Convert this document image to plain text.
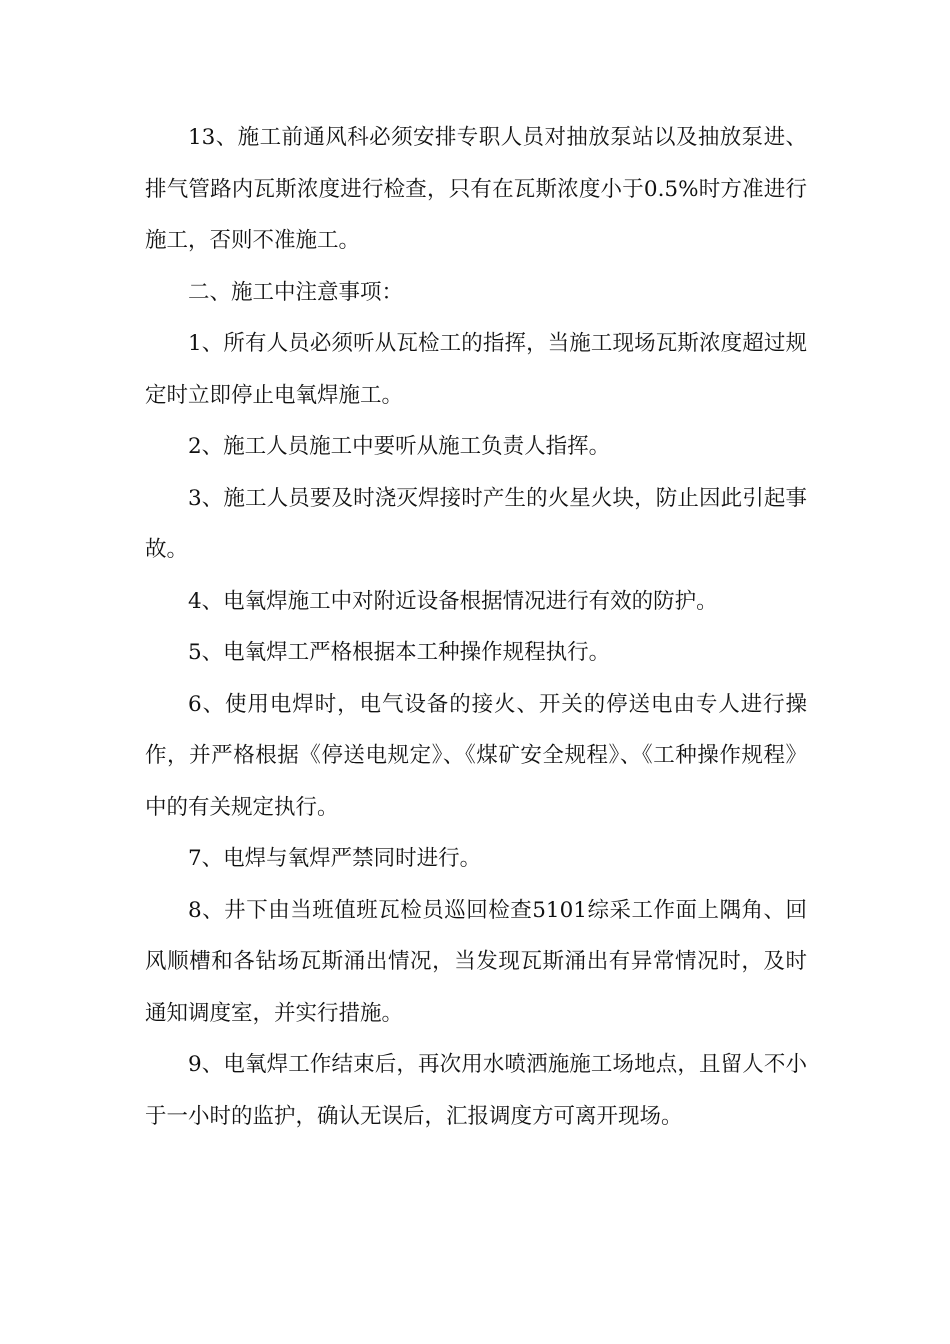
13、施工前通风科必须安排专职人员对抽放泵站以及抽放泵进、排气管路内瓦斯浓度进行检查，只有在瓦斯浓度小于0.5%时方准进行施工，否则不准施工。

二、施工中注意事项：

1、所有人员必须听从瓦检工的指挥，当施工现场瓦斯浓度超过规定时立即停止电氧焊施工。

2、施工人员施工中要听从施工负责人指挥。

3、施工人员要及时浇灭焊接时产生的火星火块，防止因此引起事故。

4、电氧焊施工中对附近设备根据情况进行有效的防护。

5、电氧焊工严格根据本工种操作规程执行。

6、使用电焊时，电气设备的接火、开关的停送电由专人进行操作，并严格根据《停送电规定》、《煤矿安全规程》、《工种操作规程》中的有关规定执行。

7、电焊与氧焊严禁同时进行。

8、井下由当班值班瓦检员巡回检查5101综采工作面上隅角、回风顺槽和各钻场瓦斯涌出情况，当发现瓦斯涌出有异常情况时，及时通知调度室，并实行措施。

9、电氧焊工作结束后，再次用水喷洒施施工场地点，且留人不小于一小时的监护，确认无误后，汇报调度方可离开现场。
